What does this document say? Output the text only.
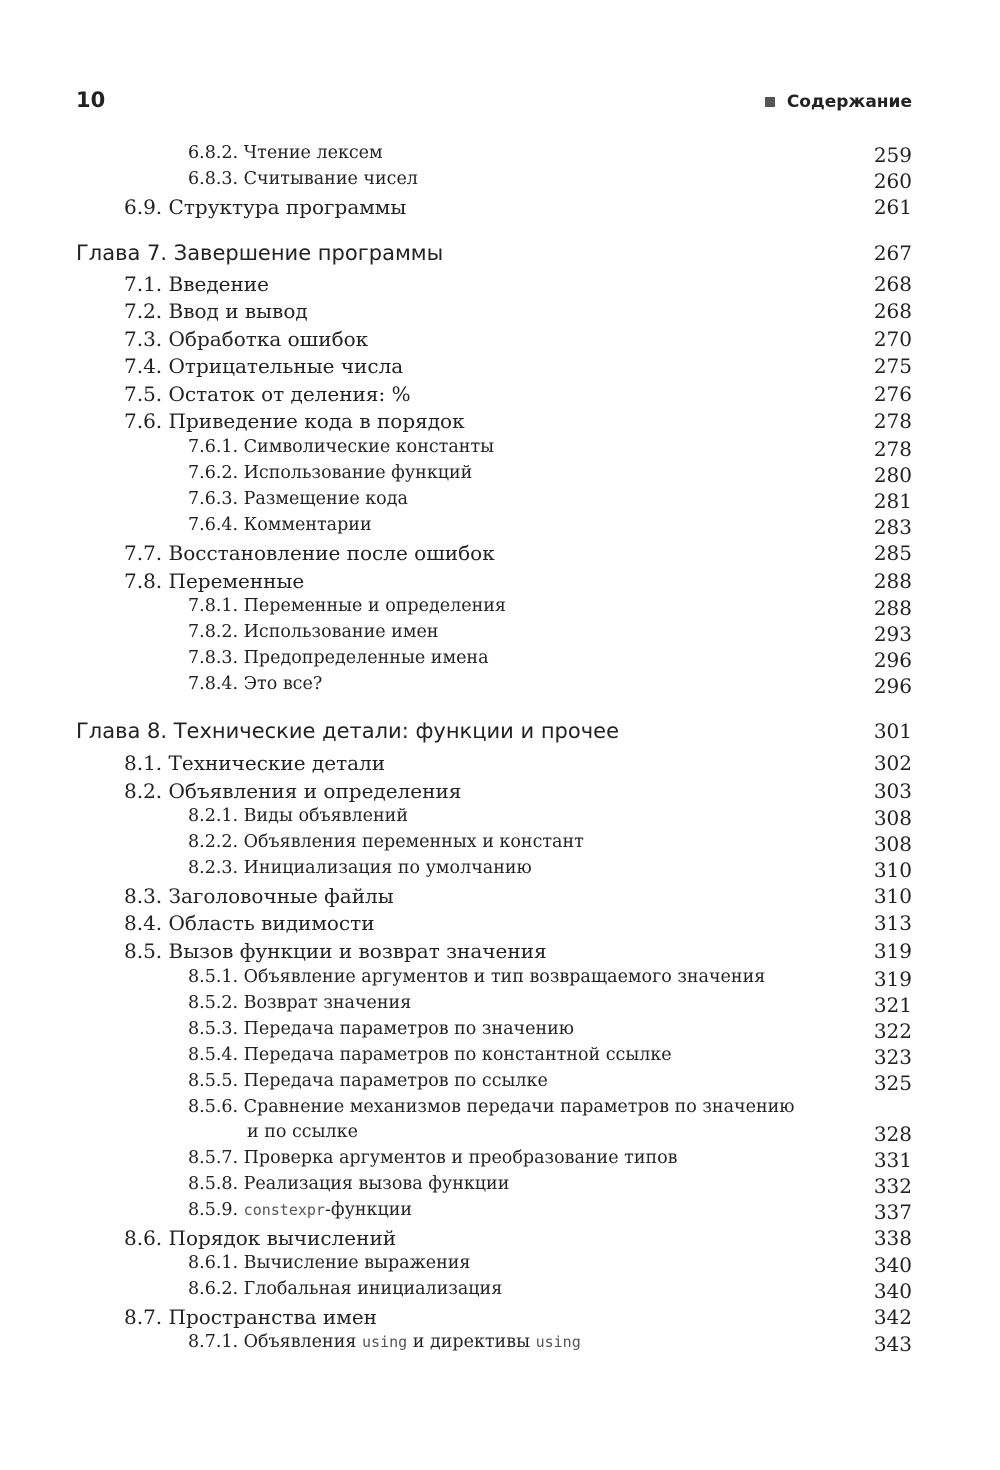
10	Содержание
6.8.2. Чтение лексем	259
6.8.3. Считывание чисел	260
6.9. Структура программы	261
Глава 7. Завершение программы	267
7.1. Введение	268
7.2. Ввод и вывод	268
7.3. Обработка ошибок	270
7.4. Отрицательные числа	275
7.5. Остаток от деления: %	276
7.6. Приведение кода в порядок	278
7.6.1. Символические константы	278
7.6.2. Использование функций	280
7.6.3. Размещение кода	281
7.6.4. Комментарии	283
7.7. Восстановление после ошибок	285
7.8. Переменные	288
7.8.1. Переменные и определения	288
7.8.2. Использование имен	293
7.8.3. Предопределенные имена	296
7.8.4. Это все?	296
Глава 8. Технические детали: функции и прочее	301
8.1. Технические детали	302
8.2. Объявления и определения	303
8.2.1. Виды объявлений	308
8.2.2. Объявления переменных и констант	308
8.2.3. Инициализация по умолчанию	310
8.3. Заголовочные файлы	310
8.4. Область видимости	313
8.5. Вызов функции и возврат значения	319
8.5.1. Объявление аргументов и тип возвращаемого значения	319
8.5.2. Возврат значения	321
8.5.3. Передача параметров по значению	322
8.5.4. Передача параметров по константной ссылке	323
8.5.5. Передача параметров по ссылке	325
8.5.6. Сравнение механизмов передачи параметров по значению
и по ссылке	328
8.5.7. Проверка аргументов и преобразование типов	331
8.5.8. Реализация вызова функции	332
8.5.9. constexpr-функции	337
8.6. Порядок вычислений	338
8.6.1. Вычисление выражения	340
8.6.2. Глобальная инициализация	340
8.7. Пространства имен	342
8.7.1. Объявления using и директивы using	343
